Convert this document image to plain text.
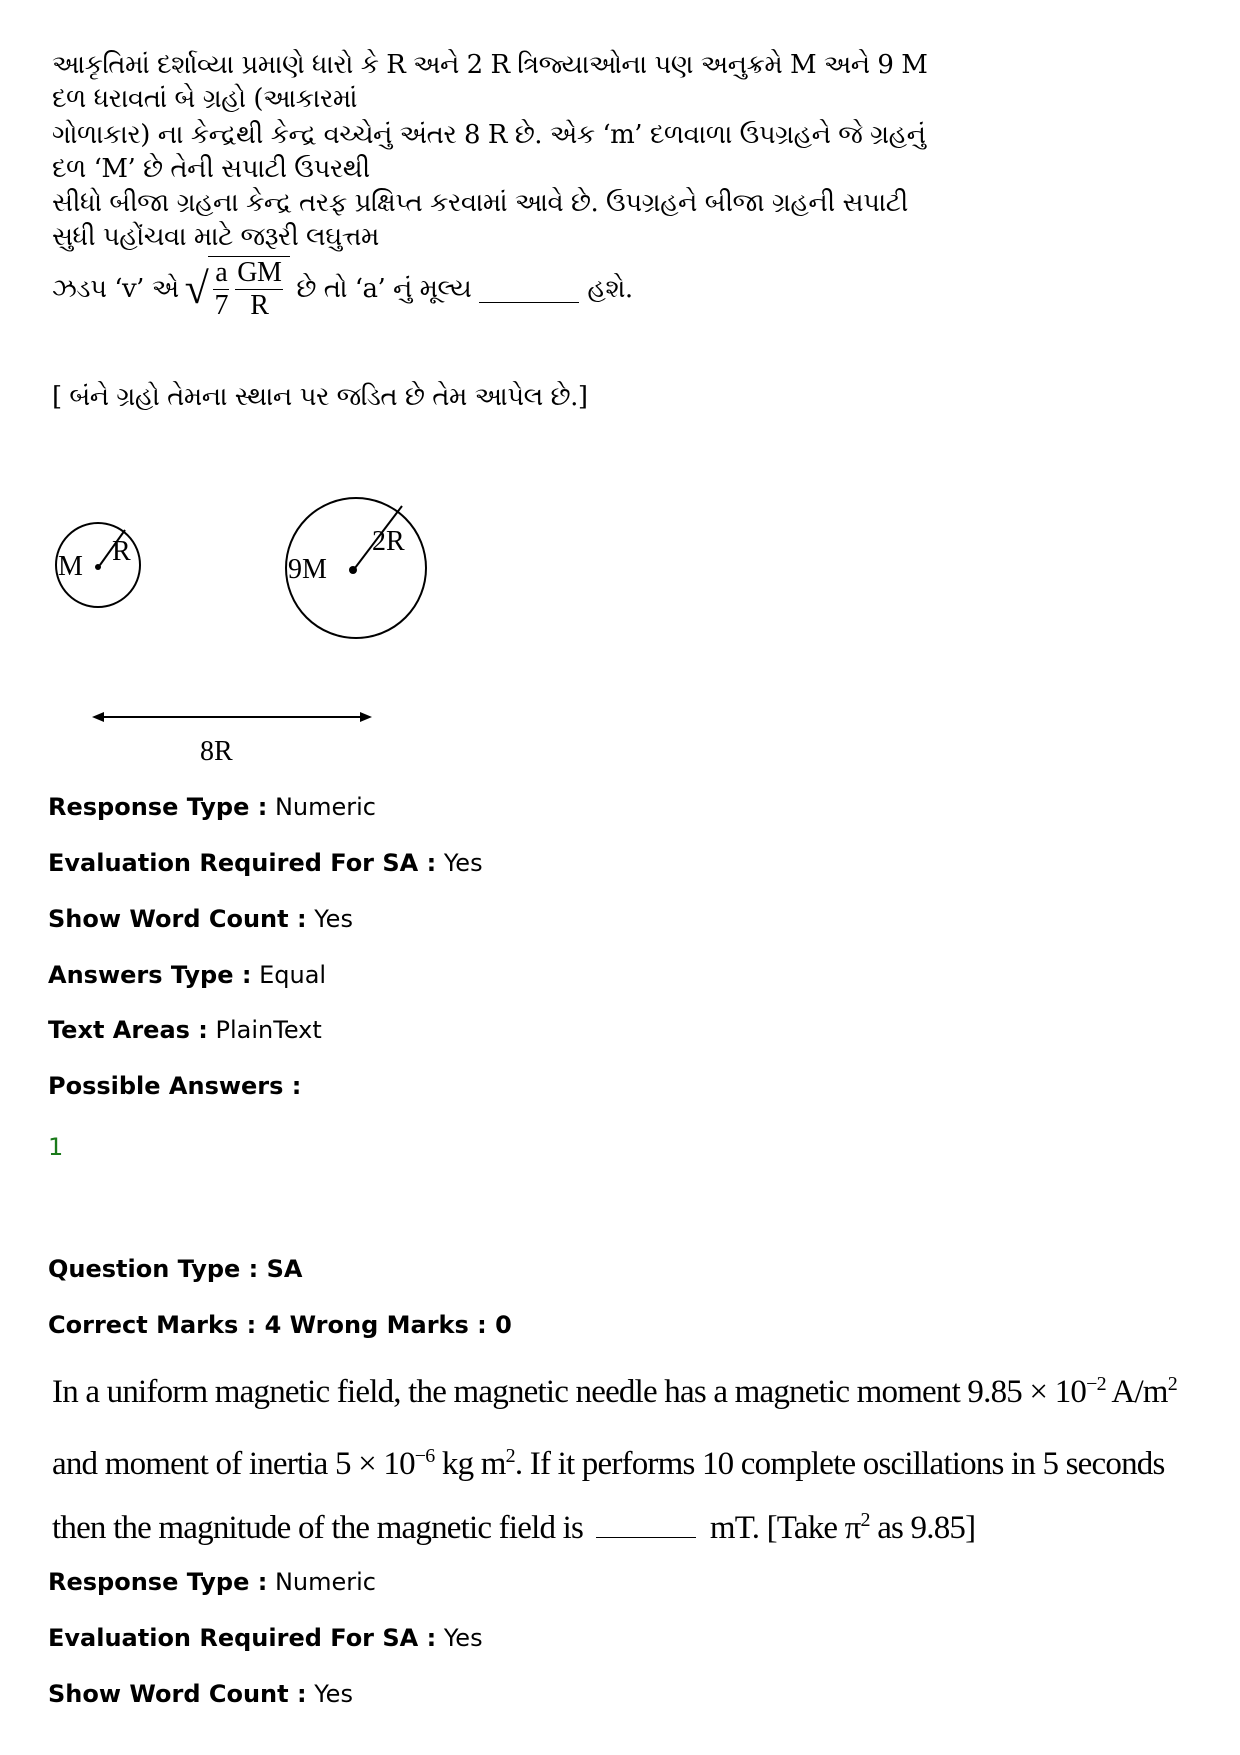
આકૃતિમાં દર્શાવ્યા પ્રમાણે ધારો કે R અને 2 R ત્રિજ્યાઓના પણ અનુક્રમે M અને 9 M દળ ધરાવતાં બે ગ્રહો (આકારમાં
ગોળાકાર) ના કેન્દ્રથી કેન્દ્ર વચ્ચેનું અંતર 8 R છે. એક ‘m’ દળવાળા ઉપગ્રહને જે ગ્રહનું દળ ‘M’ છે તેની સપાટી ઉપરથી
સીધો બીજા ગ્રહના કેન્દ્ર તરફ પ્રક્ષિપ્ત કરવામાં આવે છે. ઉપગ્રહને બીજા ગ્રહની સપાટી સુધી પહોંચવા માટે જરૂરી લઘુત્તમ
ઝડપ ‘v’ એ √ $\frac{a}{7} \frac{GM}{R}$ છે તો ‘a’ નું મૂલ્ય	હશે.
[ બંને ગ્રહો તેમના સ્થાન પર જડિત છે તેમ આપેલ છે.]
M R
9M
2R
8R
Response Type : Numeric
Evaluation Required For SA : Yes
Show Word Count : Yes
Answers Type : Equal
Text Areas : PlainText
Possible Answers :
1
Question Type : SA
Correct Marks : 4 Wrong Marks : 0
In a uniform magnetic field, the magnetic needle has a magnetic moment $9.85 \times 10^{-2}$ $A/m^2$
and moment of inertia $5 \times 10^{-6}$ kg $m^2$. If it performs 10 complete oscillations in 5 seconds
then the magnitude of the magnetic field is	mT. [Take $\pi^2$ as 9.85]
Response Type : Numeric
Evaluation Required For SA : Yes
Show Word Count : Yes
